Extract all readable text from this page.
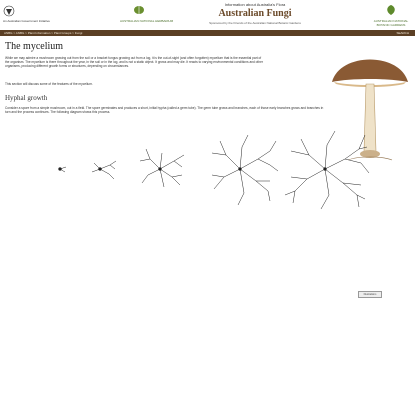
An Australian Government Initiative	AUSTRALIAN NATIONAL HERBARIUM
Information about Australia's Flora
Australian Fungi
Sponsored by the Friends of the Australian National Botanic Gardens	AUSTRALIAN NATIONAL BOTANIC GARDENS
ANBG > ANBG > Plant Information > Plant Groups > Fungi	SEARCH
The mycelium
While we may admire a mushroom growing out from the soil or a bracket fungus growing out from a log, it is the out-of-sight (and often forgotten) mycelium that is the essential part of the organism. The mycelium is there throughout the year, in the soil or in the log, and is not a static object. It grows and may die. It reacts to varying environmental conditions and other organisms, producing different growth forms or structures, depending on circumstances.
This section will discuss some of the features of the mycelium.
Hyphal growth
Consider a spore from a simple mushroom, out in a field. The spore germinates and produces a short, initial hypha (called a germ tube). The germ tube grows and branches, each of those early branches grows and branches in turn and the process continues. The following diagram shows this process.
Illustrations
